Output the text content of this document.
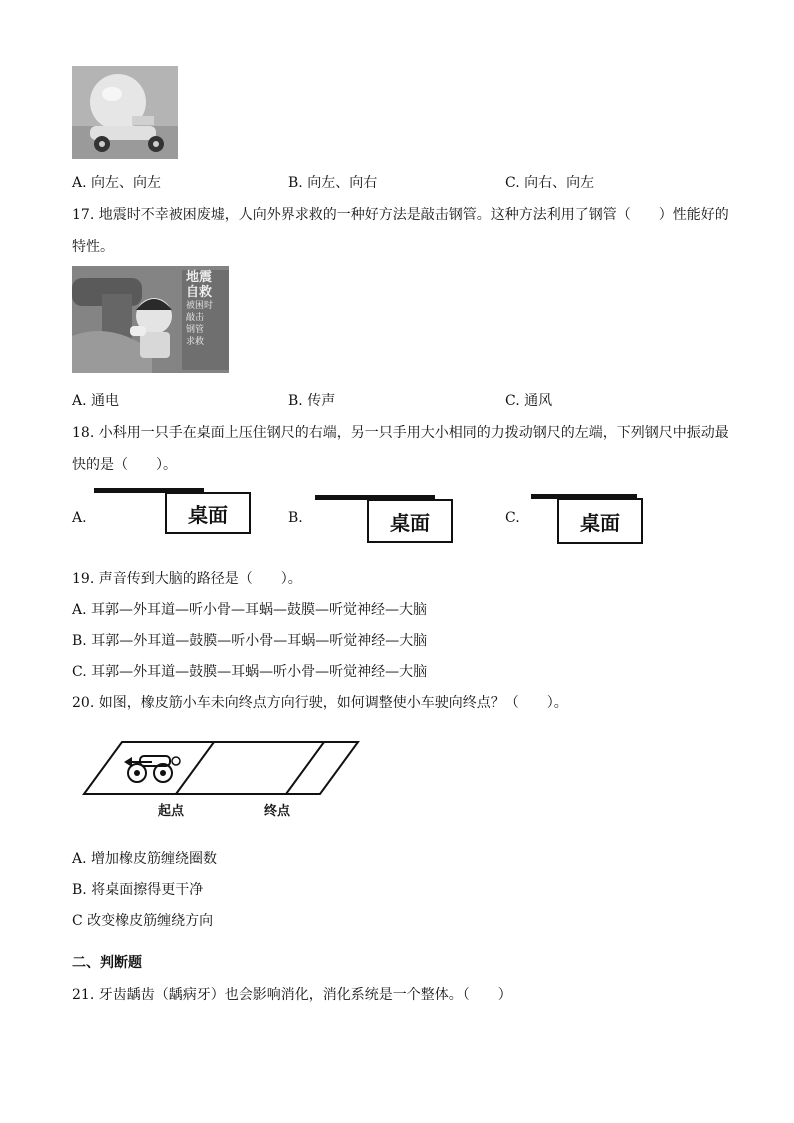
A. 向左、向左	B. 向左、向右	C. 向右、向左
17. 地震时不幸被困废墟，人向外界求救的一种好方法是敲击钢管。这种方法利用了钢管（　　）性能好的
特性。
地震
自救
被困时
敲击
钢管
求救
A. 通电	B. 传声	C. 通风
18. 小科用一只手在桌面上压住钢尺的右端，另一只手用大小相同的力拨动钢尺的左端，下列钢尺中振动最
快的是（　　）。
A.	桌面	B.	桌面	C.	桌面
19. 声音传到大脑的路径是（　　）。
A. 耳郭—外耳道—听小骨—耳蜗—鼓膜—听觉神经—大脑
B. 耳郭—外耳道—鼓膜—听小骨—耳蜗—听觉神经—大脑
C. 耳郭—外耳道—鼓膜—耳蜗—听小骨—听觉神经—大脑
20. 如图，橡皮筋小车未向终点方向行驶，如何调整使小车驶向终点？（　　）。
起点	终点
A. 增加橡皮筋缠绕圈数
B. 将桌面擦得更干净
C 改变橡皮筋缠绕方向
二、判断题
21. 牙齿龋齿（龋病牙）也会影响消化，消化系统是一个整体。（　　）
